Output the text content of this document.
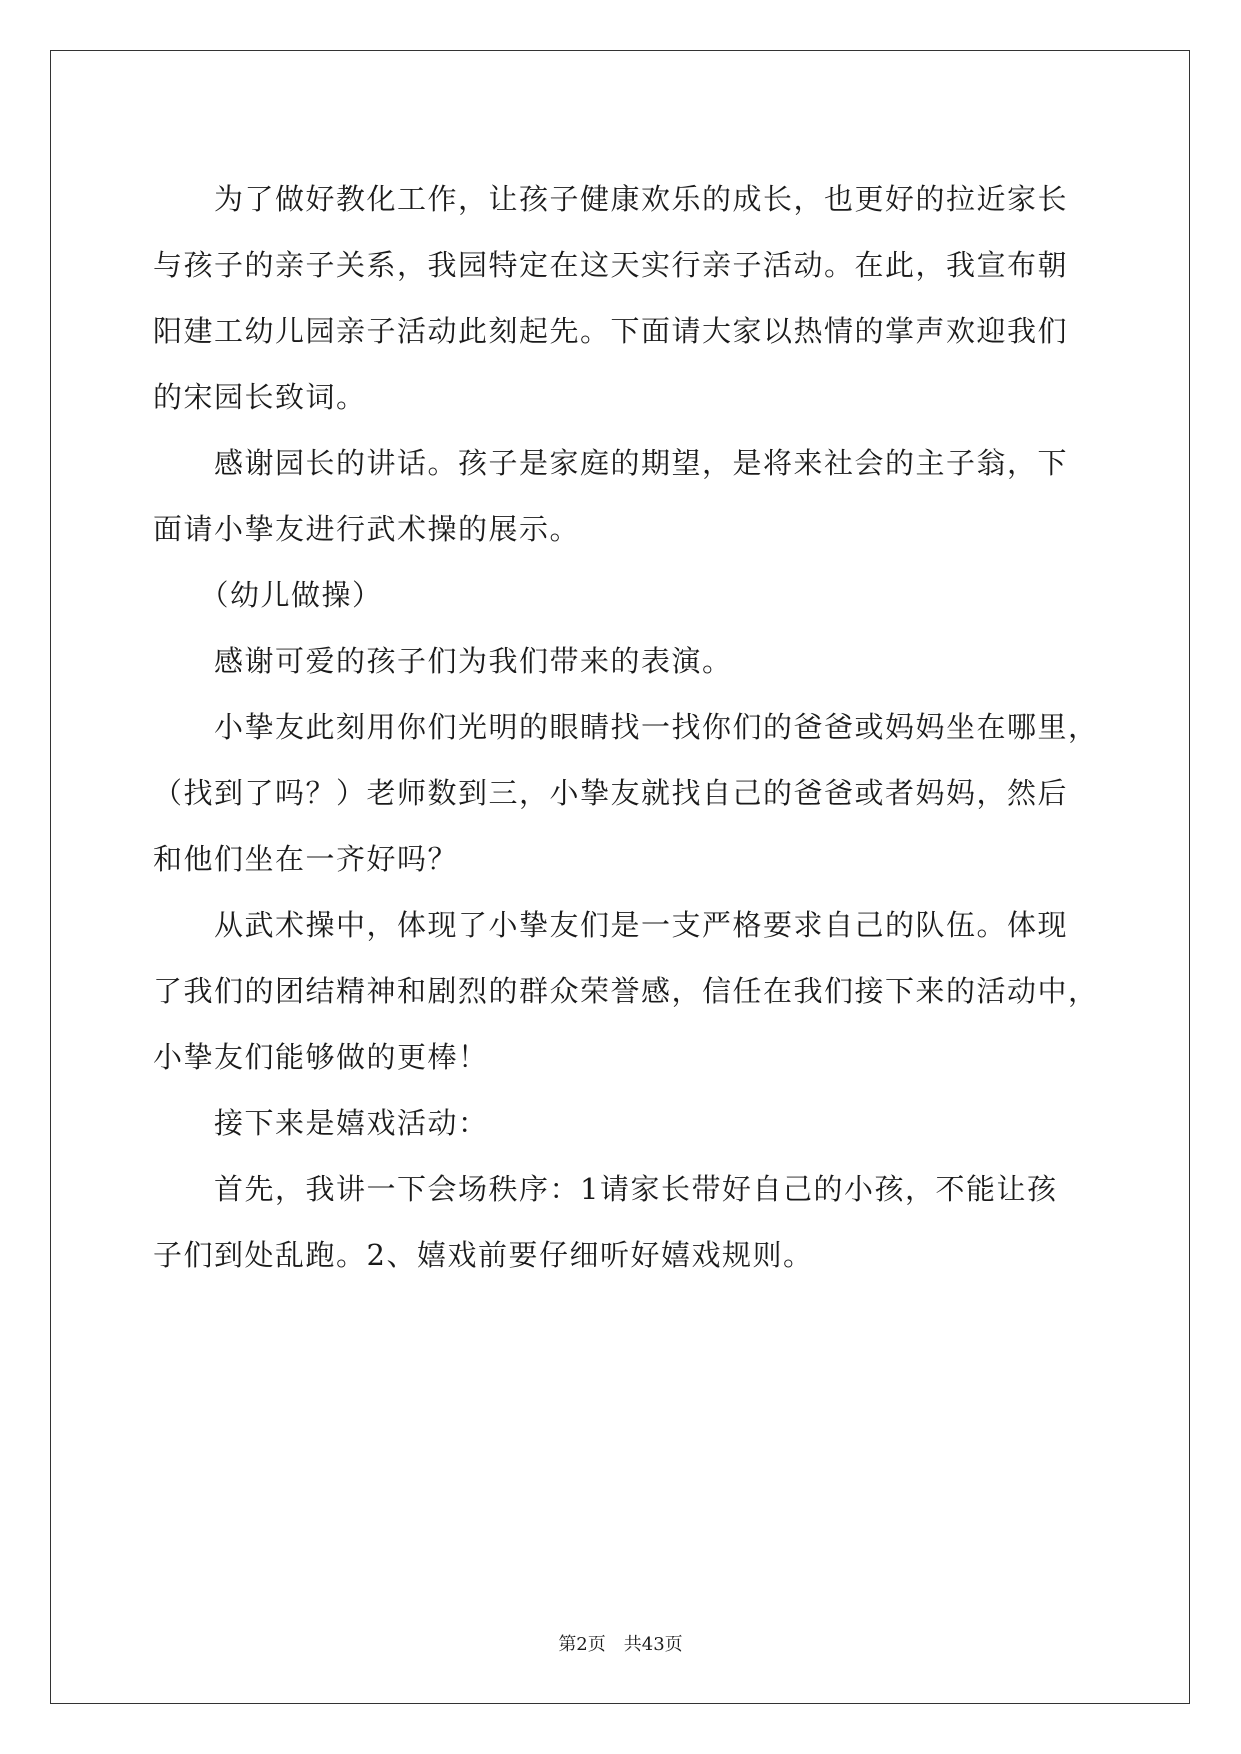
　　为了做好教化工作，让孩子健康欢乐的成长，也更好的拉近家长
与孩子的亲子关系，我园特定在这天实行亲子活动。在此，我宣布朝
阳建工幼儿园亲子活动此刻起先。下面请大家以热情的掌声欢迎我们
的宋园长致词。
　　感谢园长的讲话。孩子是家庭的期望，是将来社会的主子翁，下
面请小挚友进行武术操的展示。
　　（幼儿做操）
　　感谢可爱的孩子们为我们带来的表演。
　　小挚友此刻用你们光明的眼睛找一找你们的爸爸或妈妈坐在哪里，
（找到了吗？）老师数到三，小挚友就找自己的爸爸或者妈妈，然后
和他们坐在一齐好吗？
　　从武术操中，体现了小挚友们是一支严格要求自己的队伍。体现
了我们的团结精神和剧烈的群众荣誉感，信任在我们接下来的活动中，
小挚友们能够做的更棒！
　　接下来是嬉戏活动：
　　首先，我讲一下会场秩序：1请家长带好自己的小孩，不能让孩
子们到处乱跑。2、嬉戏前要仔细听好嬉戏规则。
第2页 共43页
